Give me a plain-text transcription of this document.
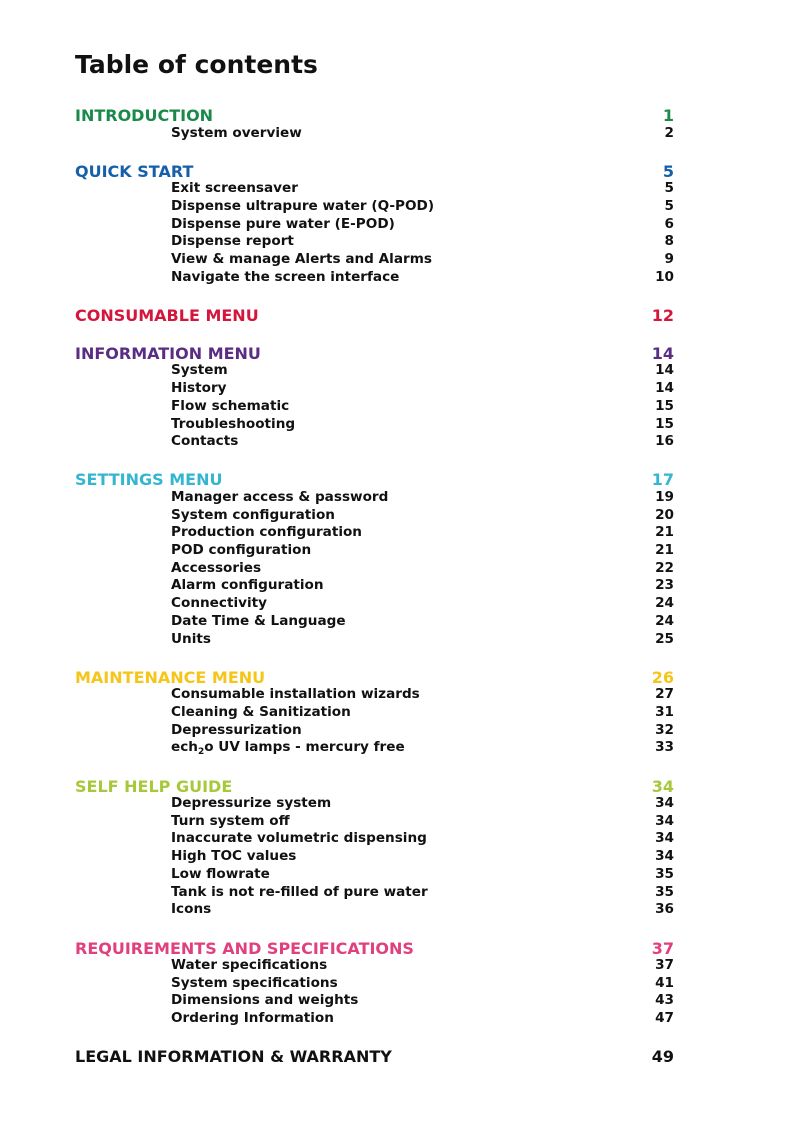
Table of contents
INTRODUCTION	1
System overview	2
QUICK START	5
Exit screensaver	5
Dispense ultrapure water (Q-POD)	5
Dispense pure water (E-POD)	6
Dispense report	8
View & manage Alerts and Alarms	9
Navigate the screen interface	10
CONSUMABLE MENU	12
INFORMATION MENU	14
System	14
History	14
Flow schematic	15
Troubleshooting	15
Contacts	16
SETTINGS MENU	17
Manager access & password	19
System configuration	20
Production configuration	21
POD configuration	21
Accessories	22
Alarm configuration	23
Connectivity	24
Date Time & Language	24
Units	25
MAINTENANCE MENU	26
Consumable installation wizards	27
Cleaning & Sanitization	31
Depressurization	32
ech$_2$o UV lamps - mercury free	33
SELF HELP GUIDE	34
Depressurize system	34
Turn system off	34
Inaccurate volumetric dispensing	34
High TOC values	34
Low flowrate	35
Tank is not re-filled of pure water	35
Icons	36
REQUIREMENTS AND SPECIFICATIONS	37
Water specifications	37
System specifications	41
Dimensions and weights	43
Ordering Information	47
LEGAL INFORMATION & WARRANTY	49
